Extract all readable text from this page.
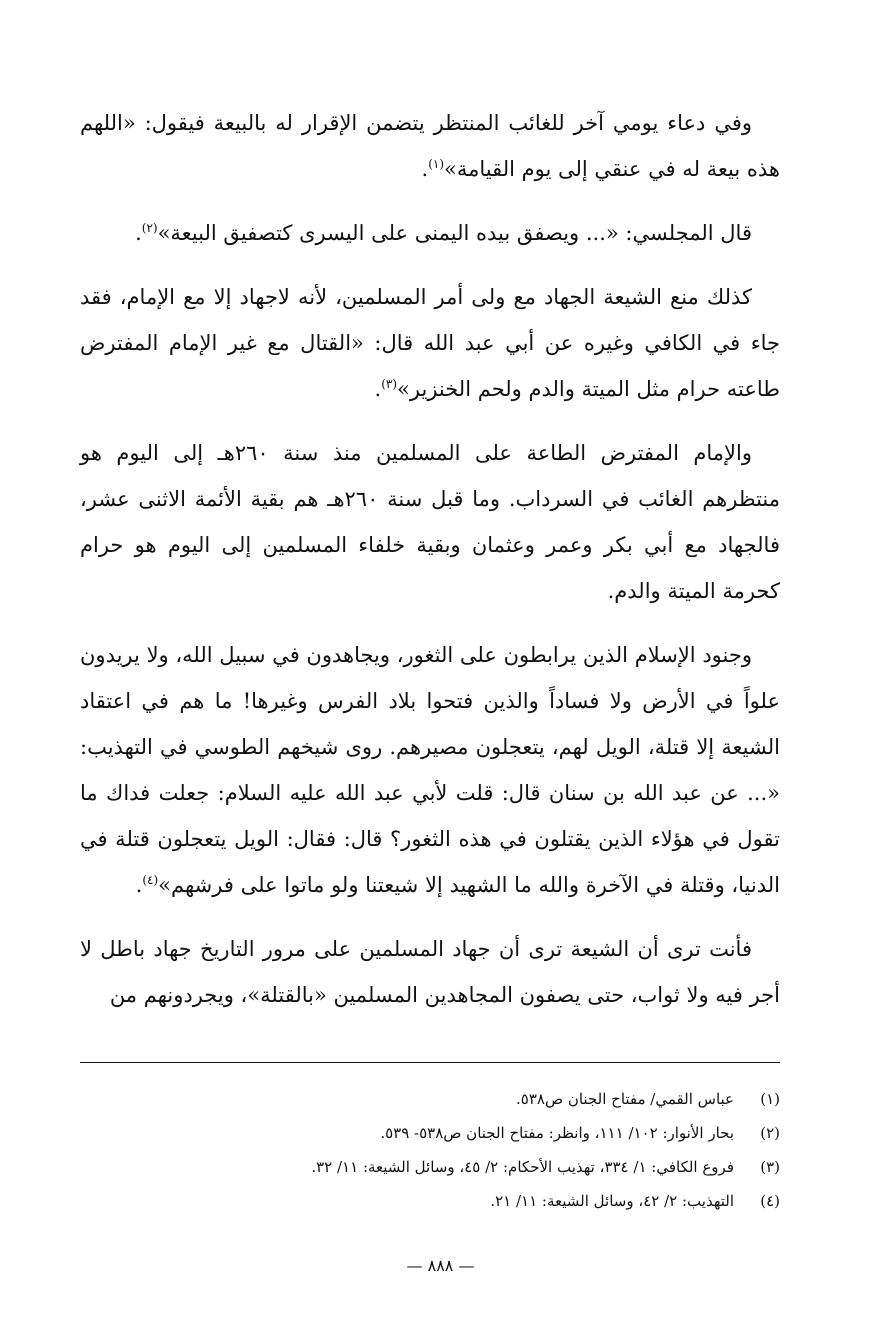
وفي دعاء يومي آخر للغائب المنتظر يتضمن الإقرار له بالبيعة فيقول: «اللهم هذه بيعة له في عنقي إلى يوم القيامة»$^{(١)}$.

قال المجلسي: «... ويصفق بيده اليمنى على اليسرى كتصفيق البيعة»$^{(٢)}$.

كذلك منع الشيعة الجهاد مع ولى أمر المسلمين، لأنه لاجهاد إلا مع الإمام، فقد جاء في الكافي وغيره عن أبي عبد الله قال: «القتال مع غير الإمام المفترض طاعته حرام مثل الميتة والدم ولحم الخنزير»$^{(٣)}$.

والإمام المفترض الطاعة على المسلمين منذ سنة ٢٦٠هـ إلى اليوم هو منتظرهم الغائب في السرداب. وما قبل سنة ٢٦٠هـ هم بقية الأئمة الاثنى عشر، فالجهاد مع أبي بكر وعمر وعثمان وبقية خلفاء المسلمين إلى اليوم هو حرام كحرمة الميتة والدم.

وجنود الإسلام الذين يرابطون على الثغور، ويجاهدون في سبيل الله، ولا يريدون علواً في الأرض ولا فساداً والذين فتحوا بلاد الفرس وغيرها! ما هم في اعتقاد الشيعة إلا قتلة، الويل لهم، يتعجلون مصيرهم. روى شيخهم الطوسي في التهذيب: «... عن عبد الله بن سنان قال: قلت لأبي عبد الله عليه السلام: جعلت فداك ما تقول في هؤلاء الذين يقتلون في هذه الثغور؟ قال: فقال: الويل يتعجلون قتلة في الدنيا، وقتلة في الآخرة والله ما الشهيد إلا شيعتنا ولو ماتوا على فرشهم»$^{(٤)}$.

فأنت ترى أن الشيعة ترى أن جهاد المسلمين على مرور التاريخ جهاد باطل لا أجر فيه ولا ثواب، حتى يصفون المجاهدين المسلمين «بالقتلة»، ويجردونهم من

(١)
عباس القمي/ مفتاح الجنان ص٥٣٨.
(٢)
بحار الأنوار: ١٠٢/ ١١١، وانظر: مفتاح الجنان ص٥٣٨- ٥٣٩.
(٣)
فروع الكافي: ١/ ٣٣٤، تهذيب الأحكام: ٢/ ٤٥، وسائل الشيعة: ١١/ ٣٢.
(٤)
التهذيب: ٢/ ٤٢، وسائل الشيعة: ١١/ ٢١.
— ٨٨٨ —
